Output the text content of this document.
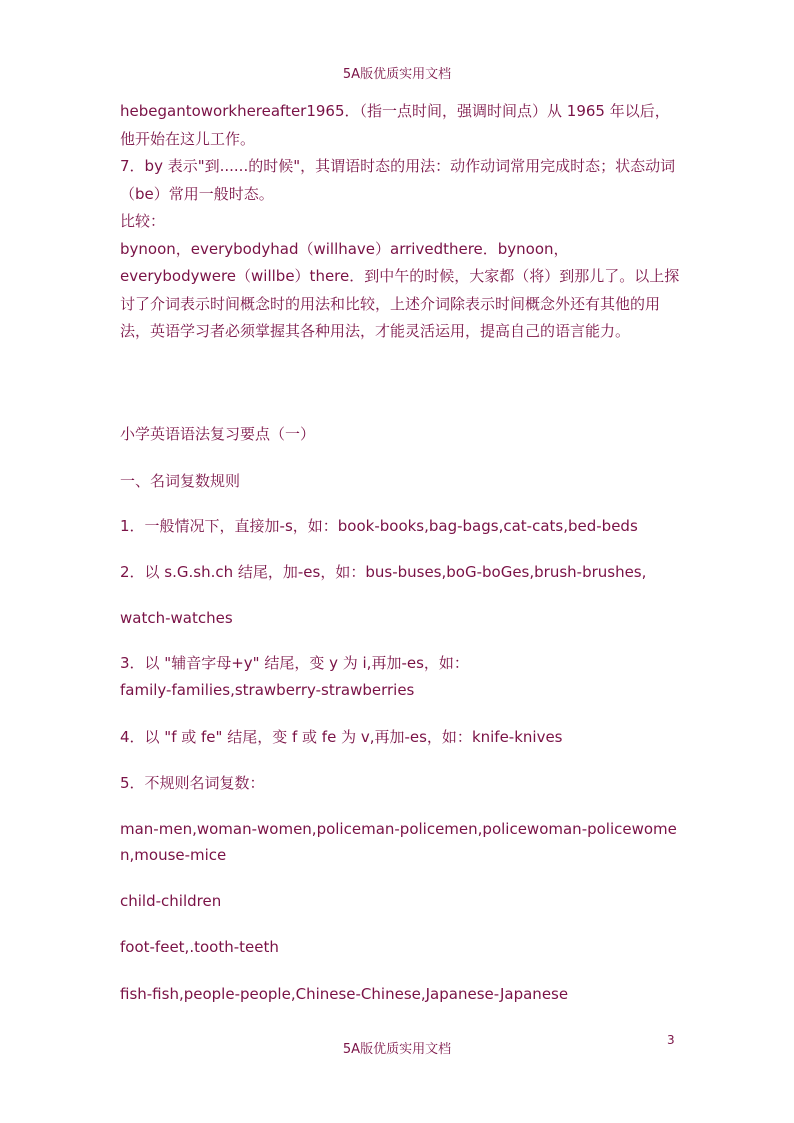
5A版优质实用文档

hebegantoworkhereafter1965．（指一点时间，强调时间点）从 1965 年以后，他开始在这儿工作。

7．by 表示"到......的时候"，其谓语时态的用法：动作动词常用完成时态；状态动词（be）常用一般时态。

比较：

bynoon，everybodyhad（willhave）arrivedthere．bynoon，everybodywere（willbe）there．到中午的时候，大家都（将）到那儿了。以上探讨了介词表示时间概念时的用法和比较，上述介词除表示时间概念外还有其他的用法，英语学习者必须掌握其各种用法，才能灵活运用，提高自己的语言能力。

小学英语语法复习要点（一）
一、名词复数规则
1．一般情况下，直接加-s，如：book-books,bag-bags,cat-cats,bed-beds
2．以 s.G.sh.ch 结尾，加-es，如：bus-buses,boG-boGes,brush-brushes,
watch-watches
3．以 "辅音字母+y" 结尾，变 y 为 i,再加-es，如：
family-families,strawberry-strawberries
4．以 "f 或 fe" 结尾，变 f 或 fe 为 v,再加-es，如：knife-knives
5．不规则名词复数：
man-men,woman-women,policeman-policemen,policewoman-policewomen,mouse-mice
child-children
foot-feet,.tooth-teeth
fish-fish,people-people,Chinese-Chinese,Japanese-Japanese
3
5A版优质实用文档
